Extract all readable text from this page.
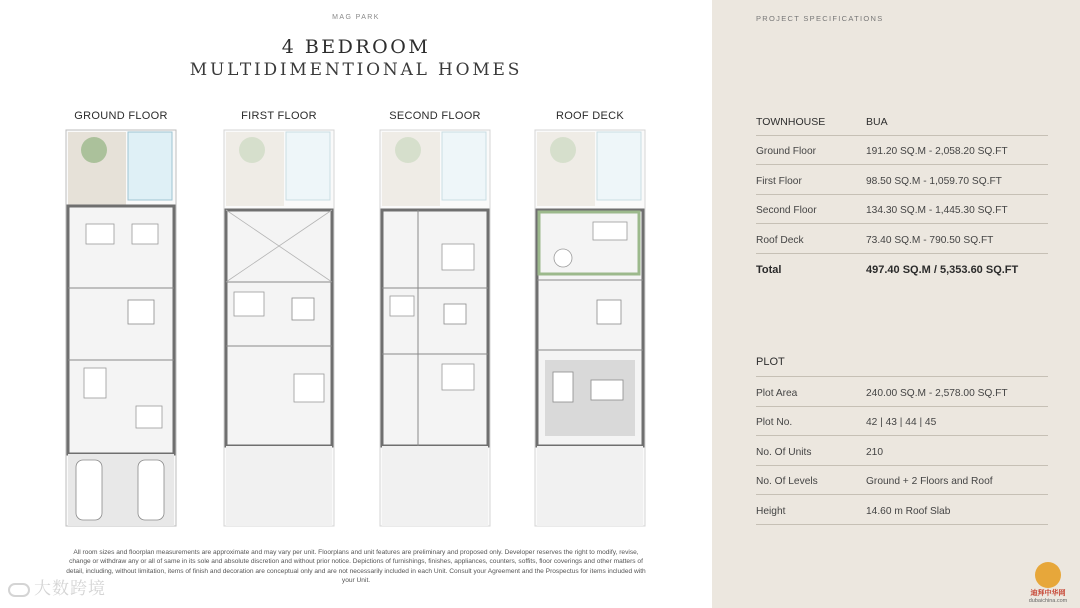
MAG PARK
4 BEDROOM
MULTIDIMENTIONAL HOMES
GROUND FLOOR	FIRST FLOOR	SECOND FLOOR	ROOF DECK
All room sizes and floorplan measurements are approximate and may vary per unit. Floorplans and unit features are preliminary and proposed only. Developer reserves the right to modify, revise, change or withdraw any or all of same in its sole and absolute discretion and without prior notice. Depictions of furnishings, finishes, appliances, counters, soffits, floor coverings and other matters of detail, including, without limitation, items of finish and decoration are conceptual only and are not necessarily included in each Unit. Consult your Agreement and the Prospectus for items included with your Unit.
大数跨境
PROJECT SPECIFICATIONS
TOWNHOUSE	BUA
Ground Floor	191.20 SQ.M - 2,058.20 SQ.FT
First Floor	98.50 SQ.M - 1,059.70 SQ.FT
Second Floor	134.30 SQ.M - 1,445.30 SQ.FT
Roof Deck	73.40 SQ.M - 790.50 SQ.FT
Total	497.40 SQ.M / 5,353.60 SQ.FT
PLOT
Plot Area	240.00 SQ.M - 2,578.00 SQ.FT
Plot No.	42 | 43 | 44 | 45
No. Of Units	210
No. Of Levels	Ground + 2 Floors and Roof
Height	14.60 m Roof Slab
迪拜中华网
dubaichina.com
